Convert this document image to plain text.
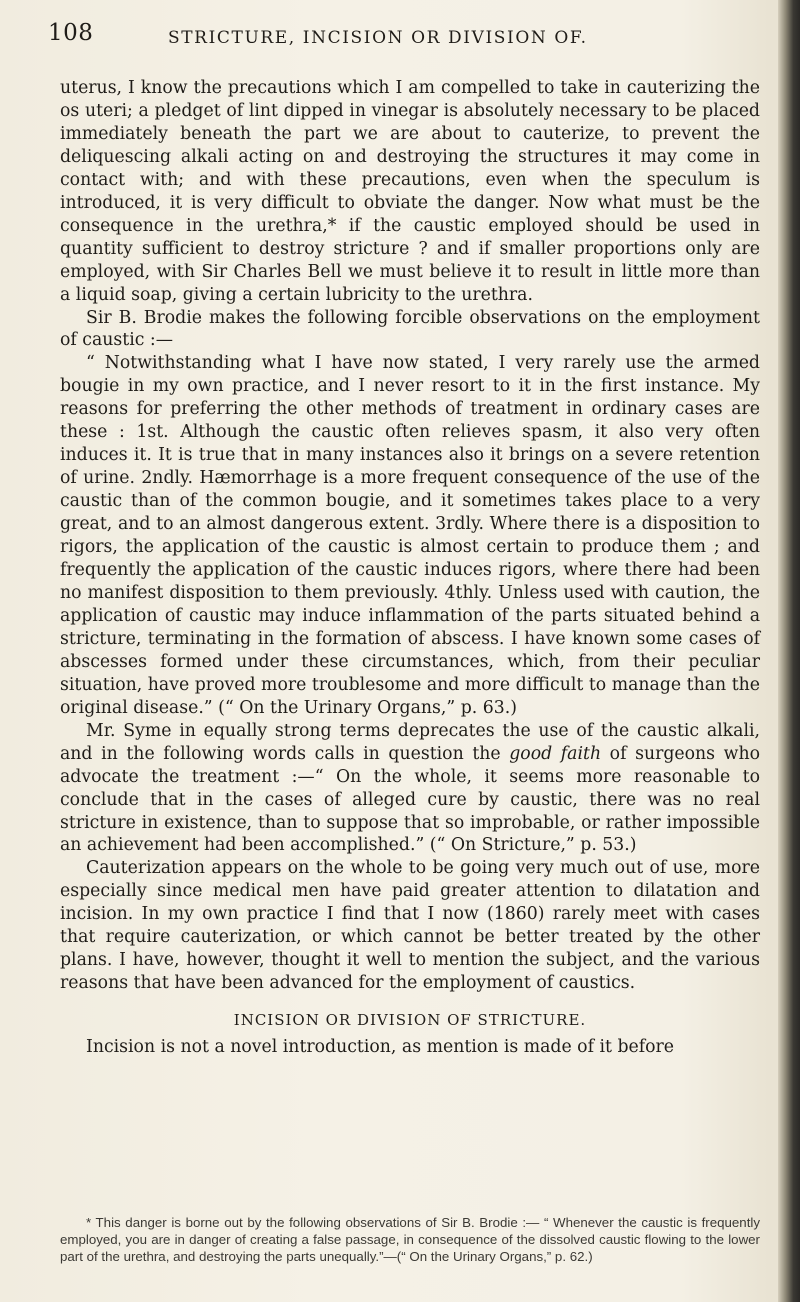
108	STRICTURE, INCISION OR DIVISION OF.

uterus, I know the precautions which I am compelled to take in cauterizing the os uteri; a pledget of lint dipped in vinegar is absolutely necessary to be placed immediately beneath the part we are about to cauterize, to prevent the deliquescing alkali acting on and destroying the structures it may come in contact with; and with these precautions, even when the speculum is introduced, it is very difficult to obviate the danger. Now what must be the consequence in the urethra,* if the caustic employed should be used in quantity sufficient to destroy stricture ? and if smaller proportions only are employed, with Sir Charles Bell we must believe it to result in little more than a liquid soap, giving a certain lubricity to the urethra.

Sir B. Brodie makes the following forcible observations on the employment of caustic :—

“ Notwithstanding what I have now stated, I very rarely use the armed bougie in my own practice, and I never resort to it in the first instance. My reasons for preferring the other methods of treatment in ordinary cases are these : 1st. Although the caustic often relieves spasm, it also very often induces it. It is true that in many instances also it brings on a severe retention of urine. 2ndly. Hæmorrhage is a more frequent consequence of the use of the caustic than of the common bougie, and it sometimes takes place to a very great, and to an almost dangerous extent. 3rdly. Where there is a disposition to rigors, the application of the caustic is almost certain to produce them ; and frequently the application of the caustic induces rigors, where there had been no manifest disposition to them previously. 4thly. Unless used with caution, the application of caustic may induce inflammation of the parts situated behind a stricture, terminating in the formation of abscess. I have known some cases of abscesses formed under these circumstances, which, from their peculiar situation, have proved more troublesome and more difficult to manage than the original disease.” (“ On the Urinary Organs,” p. 63.)

Mr. Syme in equally strong terms deprecates the use of the caustic alkali, and in the following words calls in question the good faith of surgeons who advocate the treatment :—“ On the whole, it seems more reasonable to conclude that in the cases of alleged cure by caustic, there was no real stricture in existence, than to suppose that so improbable, or rather impossible an achievement had been accomplished.” (“ On Stricture,” p. 53.)

Cauterization appears on the whole to be going very much out of use, more especially since medical men have paid greater attention to dilatation and incision. In my own practice I find that I now (1860) rarely meet with cases that require cauterization, or which cannot be better treated by the other plans. I have, however, thought it well to mention the subject, and the various reasons that have been advanced for the employment of caustics.

INCISION OR DIVISION OF STRICTURE.

Incision is not a novel introduction, as mention is made of it before

* This danger is borne out by the following observations of Sir B. Brodie :— “ Whenever the caustic is frequently employed, you are in danger of creating a false passage, in consequence of the dissolved caustic flowing to the lower part of the urethra, and destroying the parts unequally.”—(“ On the Urinary Organs,” p. 62.)
